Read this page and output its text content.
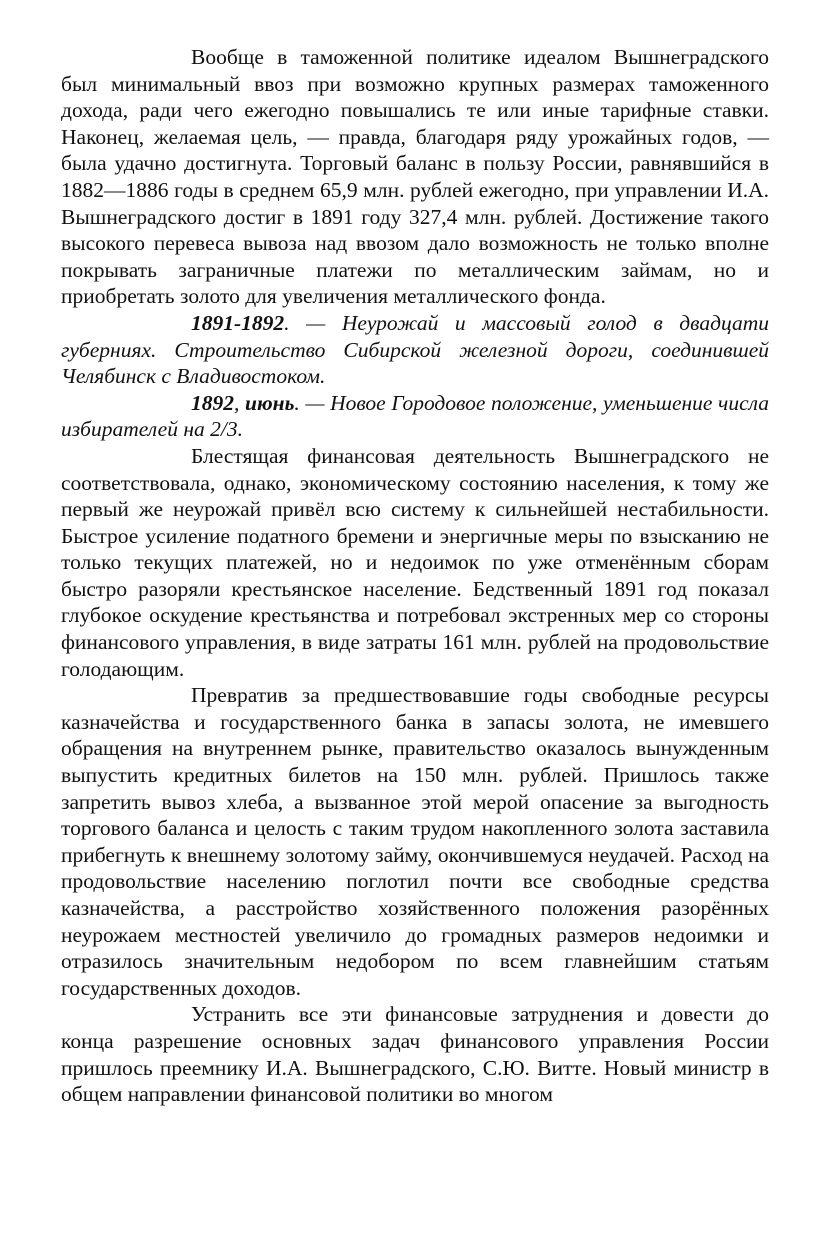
Вообще в таможенной политике идеалом Вышнеградского был минимальный ввоз при возможно крупных размерах таможенного дохода, ради чего ежегодно повышались те или иные тарифные ставки. Наконец, желаемая цель, — правда, благодаря ряду урожайных годов, — была удачно достигнута. Торговый баланс в пользу России, равнявшийся в 1882—1886 годы в среднем 65,9 млн. рублей ежегодно, при управлении И.А. Вышнеградского достиг в 1891 году 327,4 млн. рублей. Достижение такого высокого перевеса вывоза над ввозом дало возможность не только вполне покрывать заграничные платежи по металлическим займам, но и приобретать золото для увеличения металлического фонда.

1891-1892. — Неурожай и массовый голод в двадцати губерниях. Строительство Сибирской железной дороги, соединившей Челябинск с Владивостоком.

1892, июнь. — Новое Городовое положение, уменьшение числа избирателей на 2/3.

Блестящая финансовая деятельность Вышнеградского не соответствовала, однако, экономическому состоянию населения, к тому же первый же неурожай привёл всю систему к сильнейшей нестабильности. Быстрое усиление податного бремени и энергичные меры по взысканию не только текущих платежей, но и недоимок по уже отменённым сборам быстро разоряли крестьянское население. Бедственный 1891 год показал глубокое оскудение крестьянства и потребовал экстренных мер со стороны финансового управления, в виде затраты 161 млн. рублей на продовольствие голодающим.

Превратив за предшествовавшие годы свободные ресурсы казначейства и государственного банка в запасы золота, не имевшего обращения на внутреннем рынке, правительство оказалось вынужденным выпустить кредитных билетов на 150 млн. рублей. Пришлось также запретить вывоз хлеба, а вызванное этой мерой опасение за выгодность торгового баланса и целость с таким трудом накопленного золота заставила прибегнуть к внешнему золотому займу, окончившемуся неудачей. Расход на продовольствие населению поглотил почти все свободные средства казначейства, а расстройство хозяйственного положения разорённых неурожаем местностей увеличило до громадных размеров недоимки и отразилось значительным недобором по всем главнейшим статьям государственных доходов.

Устранить все эти финансовые затруднения и довести до конца разрешение основных задач финансового управления России пришлось преемнику И.А. Вышнеградского, С.Ю. Витте. Новый министр в общем направлении финансовой политики во многом
